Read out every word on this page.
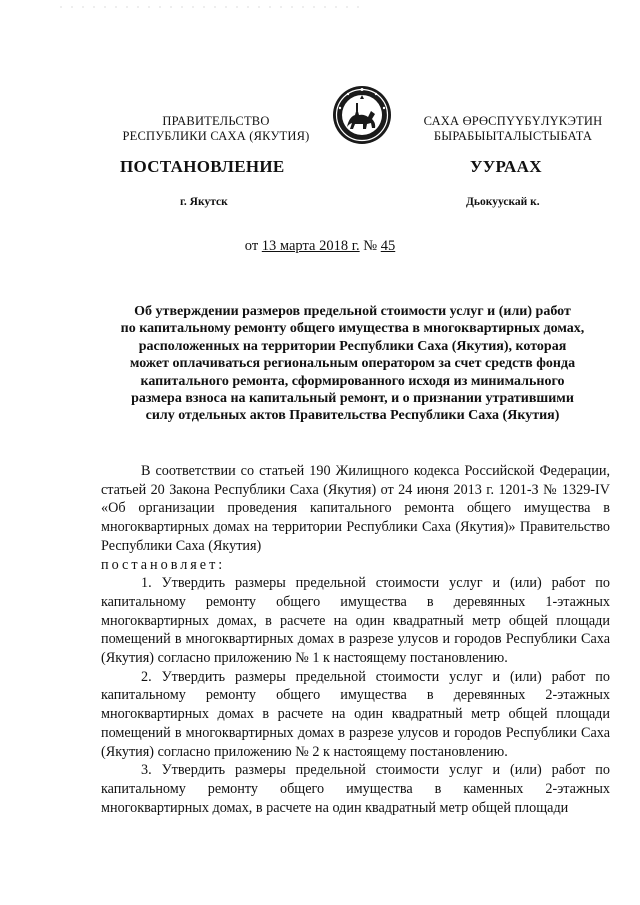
ПРАВИТЕЛЬСТВО
РЕСПУБЛИКИ САХА (ЯКУТИЯ)
САХА ӨРӨСПҮҮБҮЛҮКЭТИН
БЫРАБЫЫТАЛЫСТЫБАТА
ПОСТАНОВЛЕНИЕ	УУРААХ
г. Якутск	Дьокуускай к.
от 13 марта 2018 г. № 45
Об утверждении размеров предельной стоимости услуг и (или) работ
по капитальному ремонту общего имущества в многоквартирных домах,
расположенных на территории Республики Саха (Якутия), которая
может оплачиваться региональным оператором за счет средств фонда
капитального ремонта, сформированного исходя из минимального
размера взноса на капитальный ремонт, и о признании утратившими
силу отдельных актов Правительства Республики Саха (Якутия)

В соответствии со статьей 190 Жилищного кодекса Российской Федерации, статьей 20 Закона Республики Саха (Якутия) от 24 июня 2013 г. 1201-З № 1329-IV «Об организации проведения капитального ремонта общего имущества в многоквартирных домах на территории Республики Саха (Якутия)» Правительство Республики Саха (Якутия)

постановляет:

1. Утвердить размеры предельной стоимости услуг и (или) работ по капитальному ремонту общего имущества в деревянных 1-этажных многоквартирных домах, в расчете на один квадратный метр общей площади помещений в многоквартирных домах в разрезе улусов и городов Республики Саха (Якутия) согласно приложению № 1 к настоящему постановлению.

2. Утвердить размеры предельной стоимости услуг и (или) работ по капитальному ремонту общего имущества в деревянных 2-этажных многоквартирных домах в расчете на один квадратный метр общей площади помещений в многоквартирных домах в разрезе улусов и городов Республики Саха (Якутия) согласно приложению № 2 к настоящему постановлению.

3. Утвердить размеры предельной стоимости услуг и (или) работ по капитальному ремонту общего имущества в каменных 2-этажных многоквартирных домах, в расчете на один квадратный метр общей площади
